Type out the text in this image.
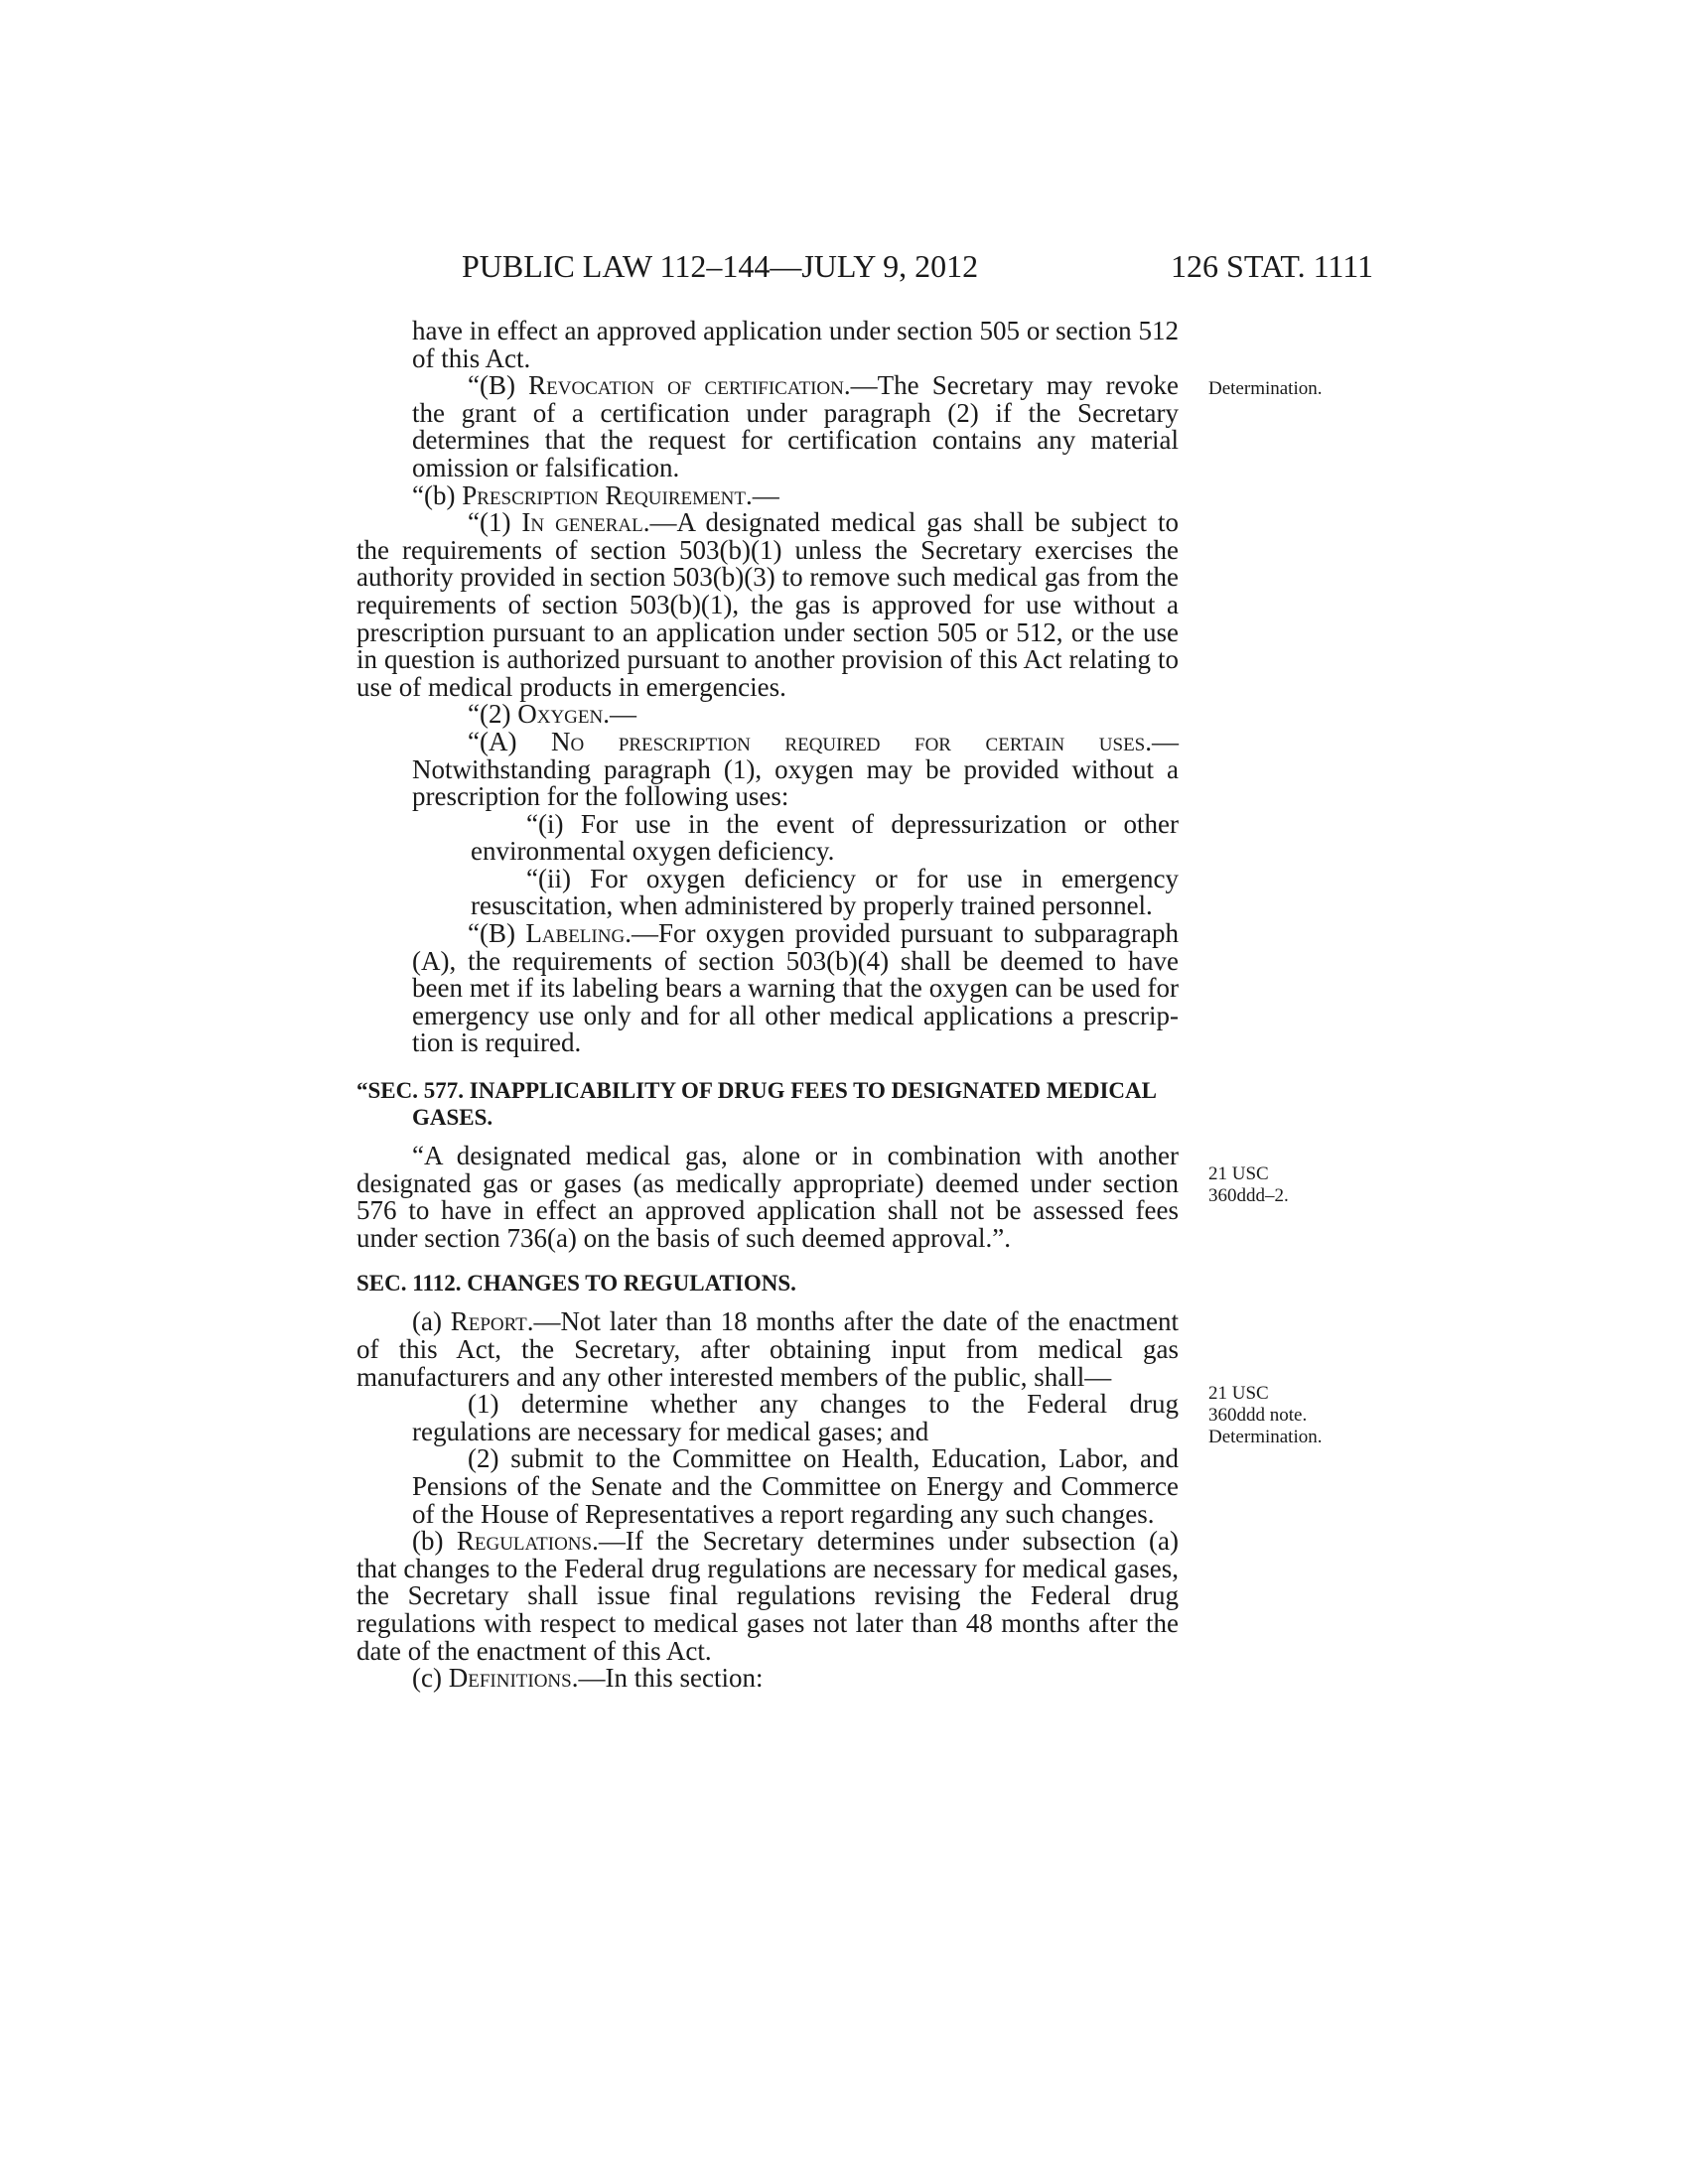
PUBLIC LAW 112–144—JULY 9, 2012	126 STAT. 1111

have in effect an approved application under section 505 or section 512 of this Act.

“(B) Revocation of certification.—The Secretary may revoke the grant of a certification under paragraph (2) if the Secretary determines that the request for certification contains any material omission or falsification.

“(b) Prescription Requirement.—

“(1) In general.—A designated medical gas shall be subject to the requirements of section 503(b)(1) unless the Secretary exercises the authority provided in section 503(b)(3) to remove such medical gas from the requirements of section 503(b)(1), the gas is approved for use without a prescription pursuant to an application under section 505 or 512, or the use in question is authorized pursuant to another provision of this Act relating to use of medical products in emergencies.

“(2) Oxygen.—

“(A) No prescription required for certain uses.— Notwithstanding paragraph (1), oxygen may be provided without a prescription for the following uses:

“(i) For use in the event of depressurization or other environmental oxygen deficiency.

“(ii) For oxygen deficiency or for use in emergency resuscitation, when administered by properly trained personnel.

“(B) Labeling.—For oxygen provided pursuant to subparagraph (A), the requirements of section 503(b)(4) shall be deemed to have been met if its labeling bears a warning that the oxygen can be used for emergency use only and for all other medical applications a prescription is required.

“SEC. 577. INAPPLICABILITY OF DRUG FEES TO DESIGNATED MEDICAL GASES.

“A designated medical gas, alone or in combination with another designated gas or gases (as medically appropriate) deemed under section 576 to have in effect an approved application shall not be assessed fees under section 736(a) on the basis of such deemed approval.”.

SEC. 1112. CHANGES TO REGULATIONS.

(a) Report.—Not later than 18 months after the date of the enactment of this Act, the Secretary, after obtaining input from medical gas manufacturers and any other interested members of the public, shall—

(1) determine whether any changes to the Federal drug regulations are necessary for medical gases; and

(2) submit to the Committee on Health, Education, Labor, and Pensions of the Senate and the Committee on Energy and Commerce of the House of Representatives a report regarding any such changes.

(b) Regulations.—If the Secretary determines under subsection (a) that changes to the Federal drug regulations are necessary for medical gases, the Secretary shall issue final regulations revising the Federal drug regulations with respect to medical gases not later than 48 months after the date of the enactment of this Act.

(c) Definitions.—In this section:

Determination.
21 USC
360ddd–2.
21 USC
360ddd note.
Determination.
